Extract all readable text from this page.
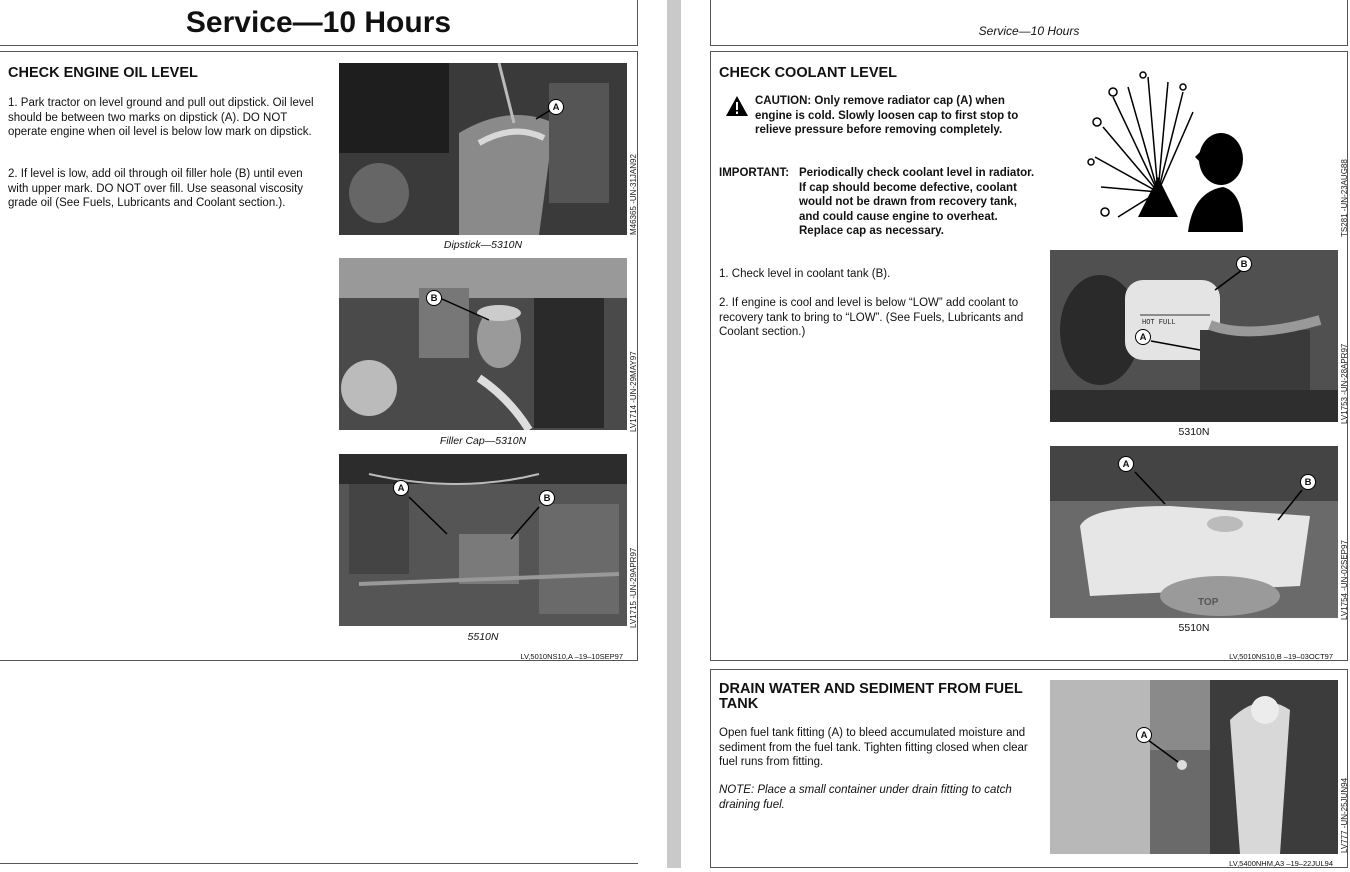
Service—10 Hours
CHECK ENGINE OIL LEVEL
1. Park tractor on level ground and pull out dipstick. Oil level should be between two marks on dipstick (A). DO NOT operate engine when oil level is below low mark on dipstick.
2. If level is low, add oil through oil filler hole (B) until even with upper mark. DO NOT over fill. Use seasonal viscosity grade oil (See Fuels, Lubricants and Coolant section.).
A
M46365 -UN-31JAN92
Dipstick—5310N
B
LV1714 -UN-29MAY97
Filler Cap—5310N
A
B
LV1715 -UN-29APR97
5510N
LV,5010NS10,A –19–10SEP97
Service—10 Hours
CHECK COOLANT LEVEL
CAUTION: Only remove radiator cap (A) when engine is cold. Slowly loosen cap to first stop to relieve pressure before removing completely.
IMPORTANT: Periodically check coolant level in radiator. If cap should become defective, coolant would not be drawn from recovery tank, and could cause engine to overheat. Replace cap as necessary.
1. Check level in coolant tank (B).
2. If engine is cool and level is below “LOW” add coolant to recovery tank to bring to “LOW”. (See Fuels, Lubricants and Coolant section.)
TS281 -UN-23AUG88
HOT FULL
A
B
LV1753 -UN-28APR97
5310N
TOP
A
B
LV1754 -UN-02SEP97
5510N
LV,5010NS10,B –19–03OCT97
DRAIN WATER AND SEDIMENT FROM FUEL TANK
Open fuel tank fitting (A) to bleed accumulated moisture and sediment from the fuel tank. Tighten fitting closed when clear fuel runs from fitting.
NOTE: Place a small container under drain fitting to catch draining fuel.
A
LV777 -UN-25JUN94
LV,5400NHM,A3 –19–22JUL94
